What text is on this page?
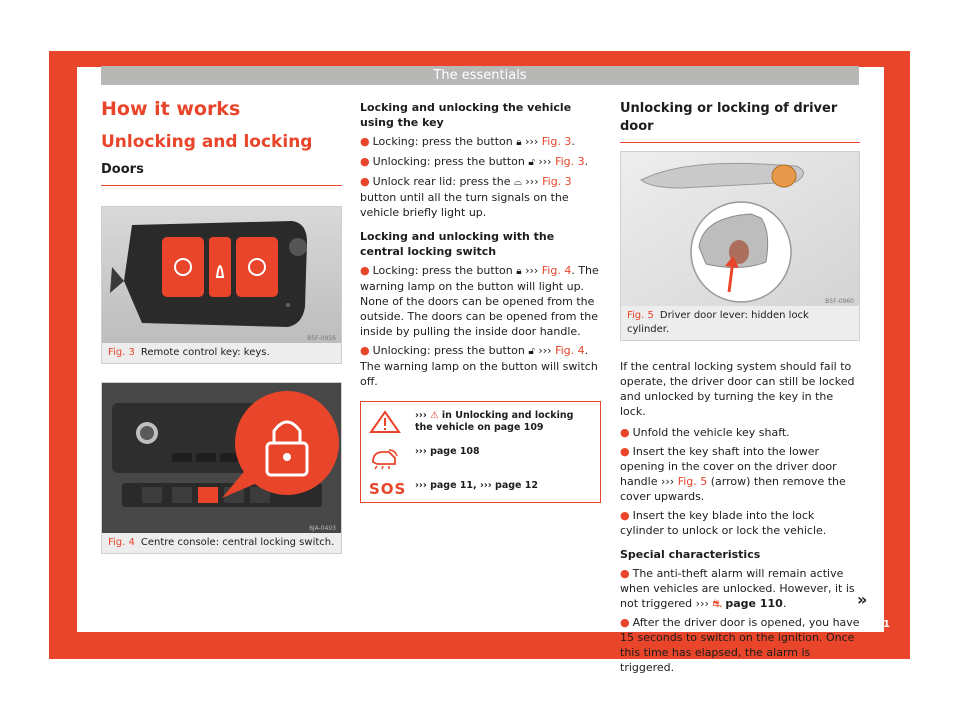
The essentials
How it works
Unlocking and locking
Doors
B5F-0956
Fig. 3 Remote control key: keys.
6JA-0403
Fig. 4 Centre console: central locking switch.
Locking and unlocking the vehicle using the key
● Locking: press the button 🔒︎ ››› Fig. 3.
● Unlocking: press the button 🔓︎ ››› Fig. 3.
● Unlock rear lid: press the ⌓ ››› Fig. 3 button until all the turn signals on the vehicle briefly light up.
Locking and unlocking with the central locking switch
● Locking: press the button 🔒︎ ››› Fig. 4. The warning lamp on the button will light up. None of the doors can be opened from the outside. The doors can be opened from the inside by pulling the inside door handle.
● Unlocking: press the button 🔓︎ ››› Fig. 4. The warning lamp on the button will switch off.
››› ⚠ in Unlocking and locking the vehicle on page 109
››› page 108
SOS ››› page 11, ››› page 12
Unlocking or locking of driver door
B5F-0960
Fig. 5 Driver door lever: hidden lock cylinder.

If the central locking system should fail to operate, the driver door can still be locked and unlocked by turning the key in the lock.

● Unfold the vehicle key shaft.
● Insert the key shaft into the lower opening in the cover on the driver door handle ››› Fig. 5 (arrow) then remove the cover upwards.
● Insert the key blade into the lock cylinder to unlock or lock the vehicle.
Special characteristics
● The anti-theft alarm will remain active when vehicles are unlocked. However, it is not triggered ››› ⛐ page 110.
● After the driver door is opened, you have 15 seconds to switch on the ignition. Once this time has elapsed, the alarm is triggered.
»
11
